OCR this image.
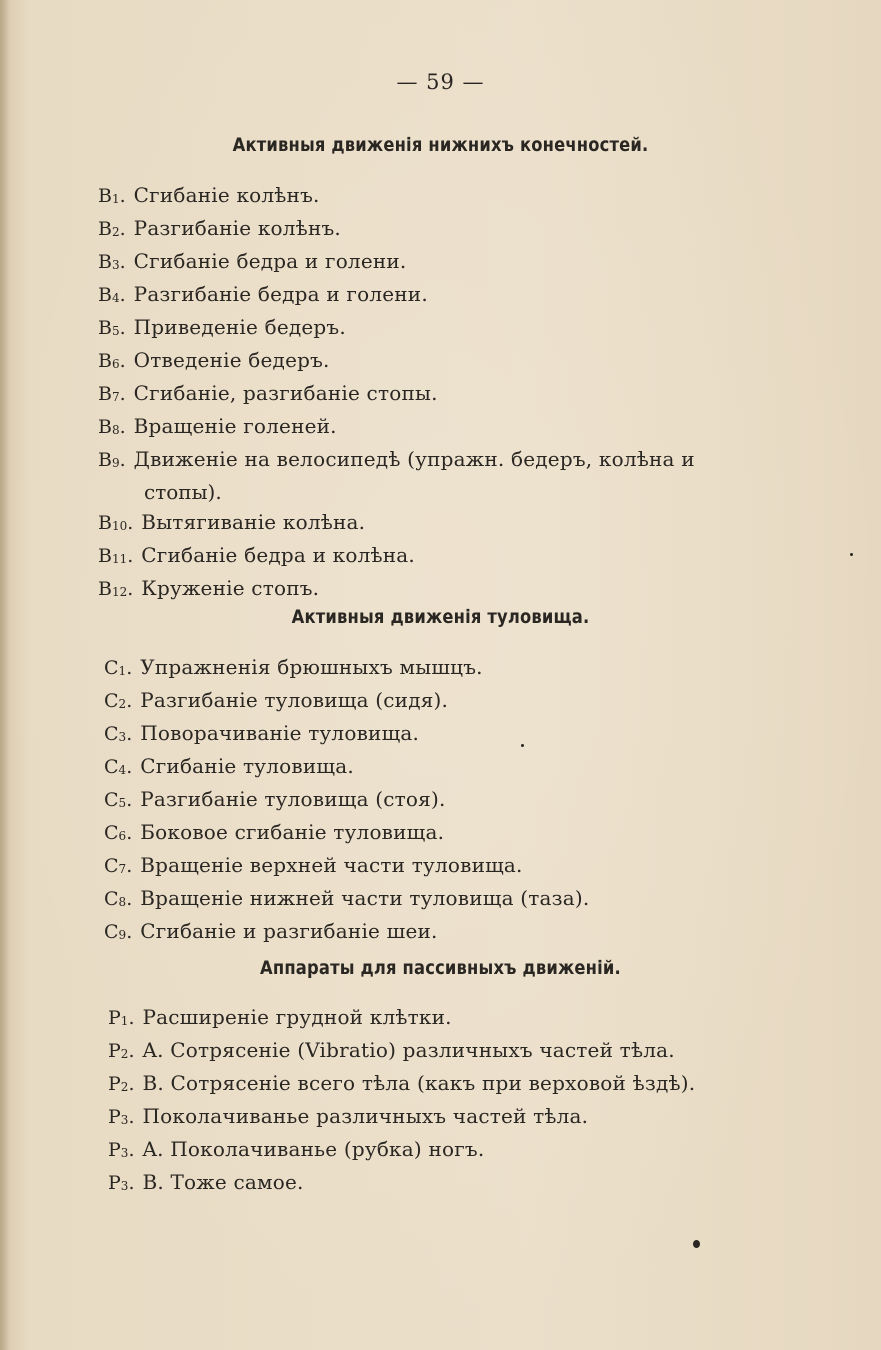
— 59 —
Активныя движенія нижнихъ конечностей.
$B_1$. Сгибаніе колѣнъ.
$B_2$. Разгибаніе колѣнъ.
$B_3$. Сгибаніе бедра и голени.
$B_4$. Разгибаніе бедра и голени.
$B_5$. Приведеніе бедеръ.
$B_6$. Отведеніе бедеръ.
$B_7$. Сгибаніе, разгибаніе стопы.
$B_8$. Вращеніе голеней.
$B_9$. Движеніе на велосипедѣ (упражн. бедеръ, колѣна и
стопы).
$B_{10}$. Вытягиваніе колѣна.
$B_{11}$. Сгибаніе бедра и колѣна.
$B_{12}$. Круженіе стопъ.
Активныя движенія туловища.
$C_1$. Упражненія брюшныхъ мышцъ.
$C_2$. Разгибаніе туловища (сидя).
$C_3$. Поворачиваніе туловища.
$C_4$. Сгибаніе туловища.
$C_5$. Разгибаніе туловища (стоя).
$C_6$. Боковое сгибаніе туловища.
$C_7$. Вращеніе верхней части туловища.
$C_8$. Вращеніе нижней части туловища (таза).
$C_9$. Сгибаніе и разгибаніе шеи.
Аппараты для пассивныхъ движеній.
$P_1$. Расширеніе грудной клѣтки.
$P_2$. A. Сотрясеніе (Vibratio) различныхъ частей тѣла.
$P_2$. B. Сотрясеніе всего тѣла (какъ при верховой ѣздѣ).
$P_3$. Поколачиванье различныхъ частей тѣла.
$P_3$. A. Поколачиванье (рубка) ногъ.
$P_3$. B. Тоже самое.
